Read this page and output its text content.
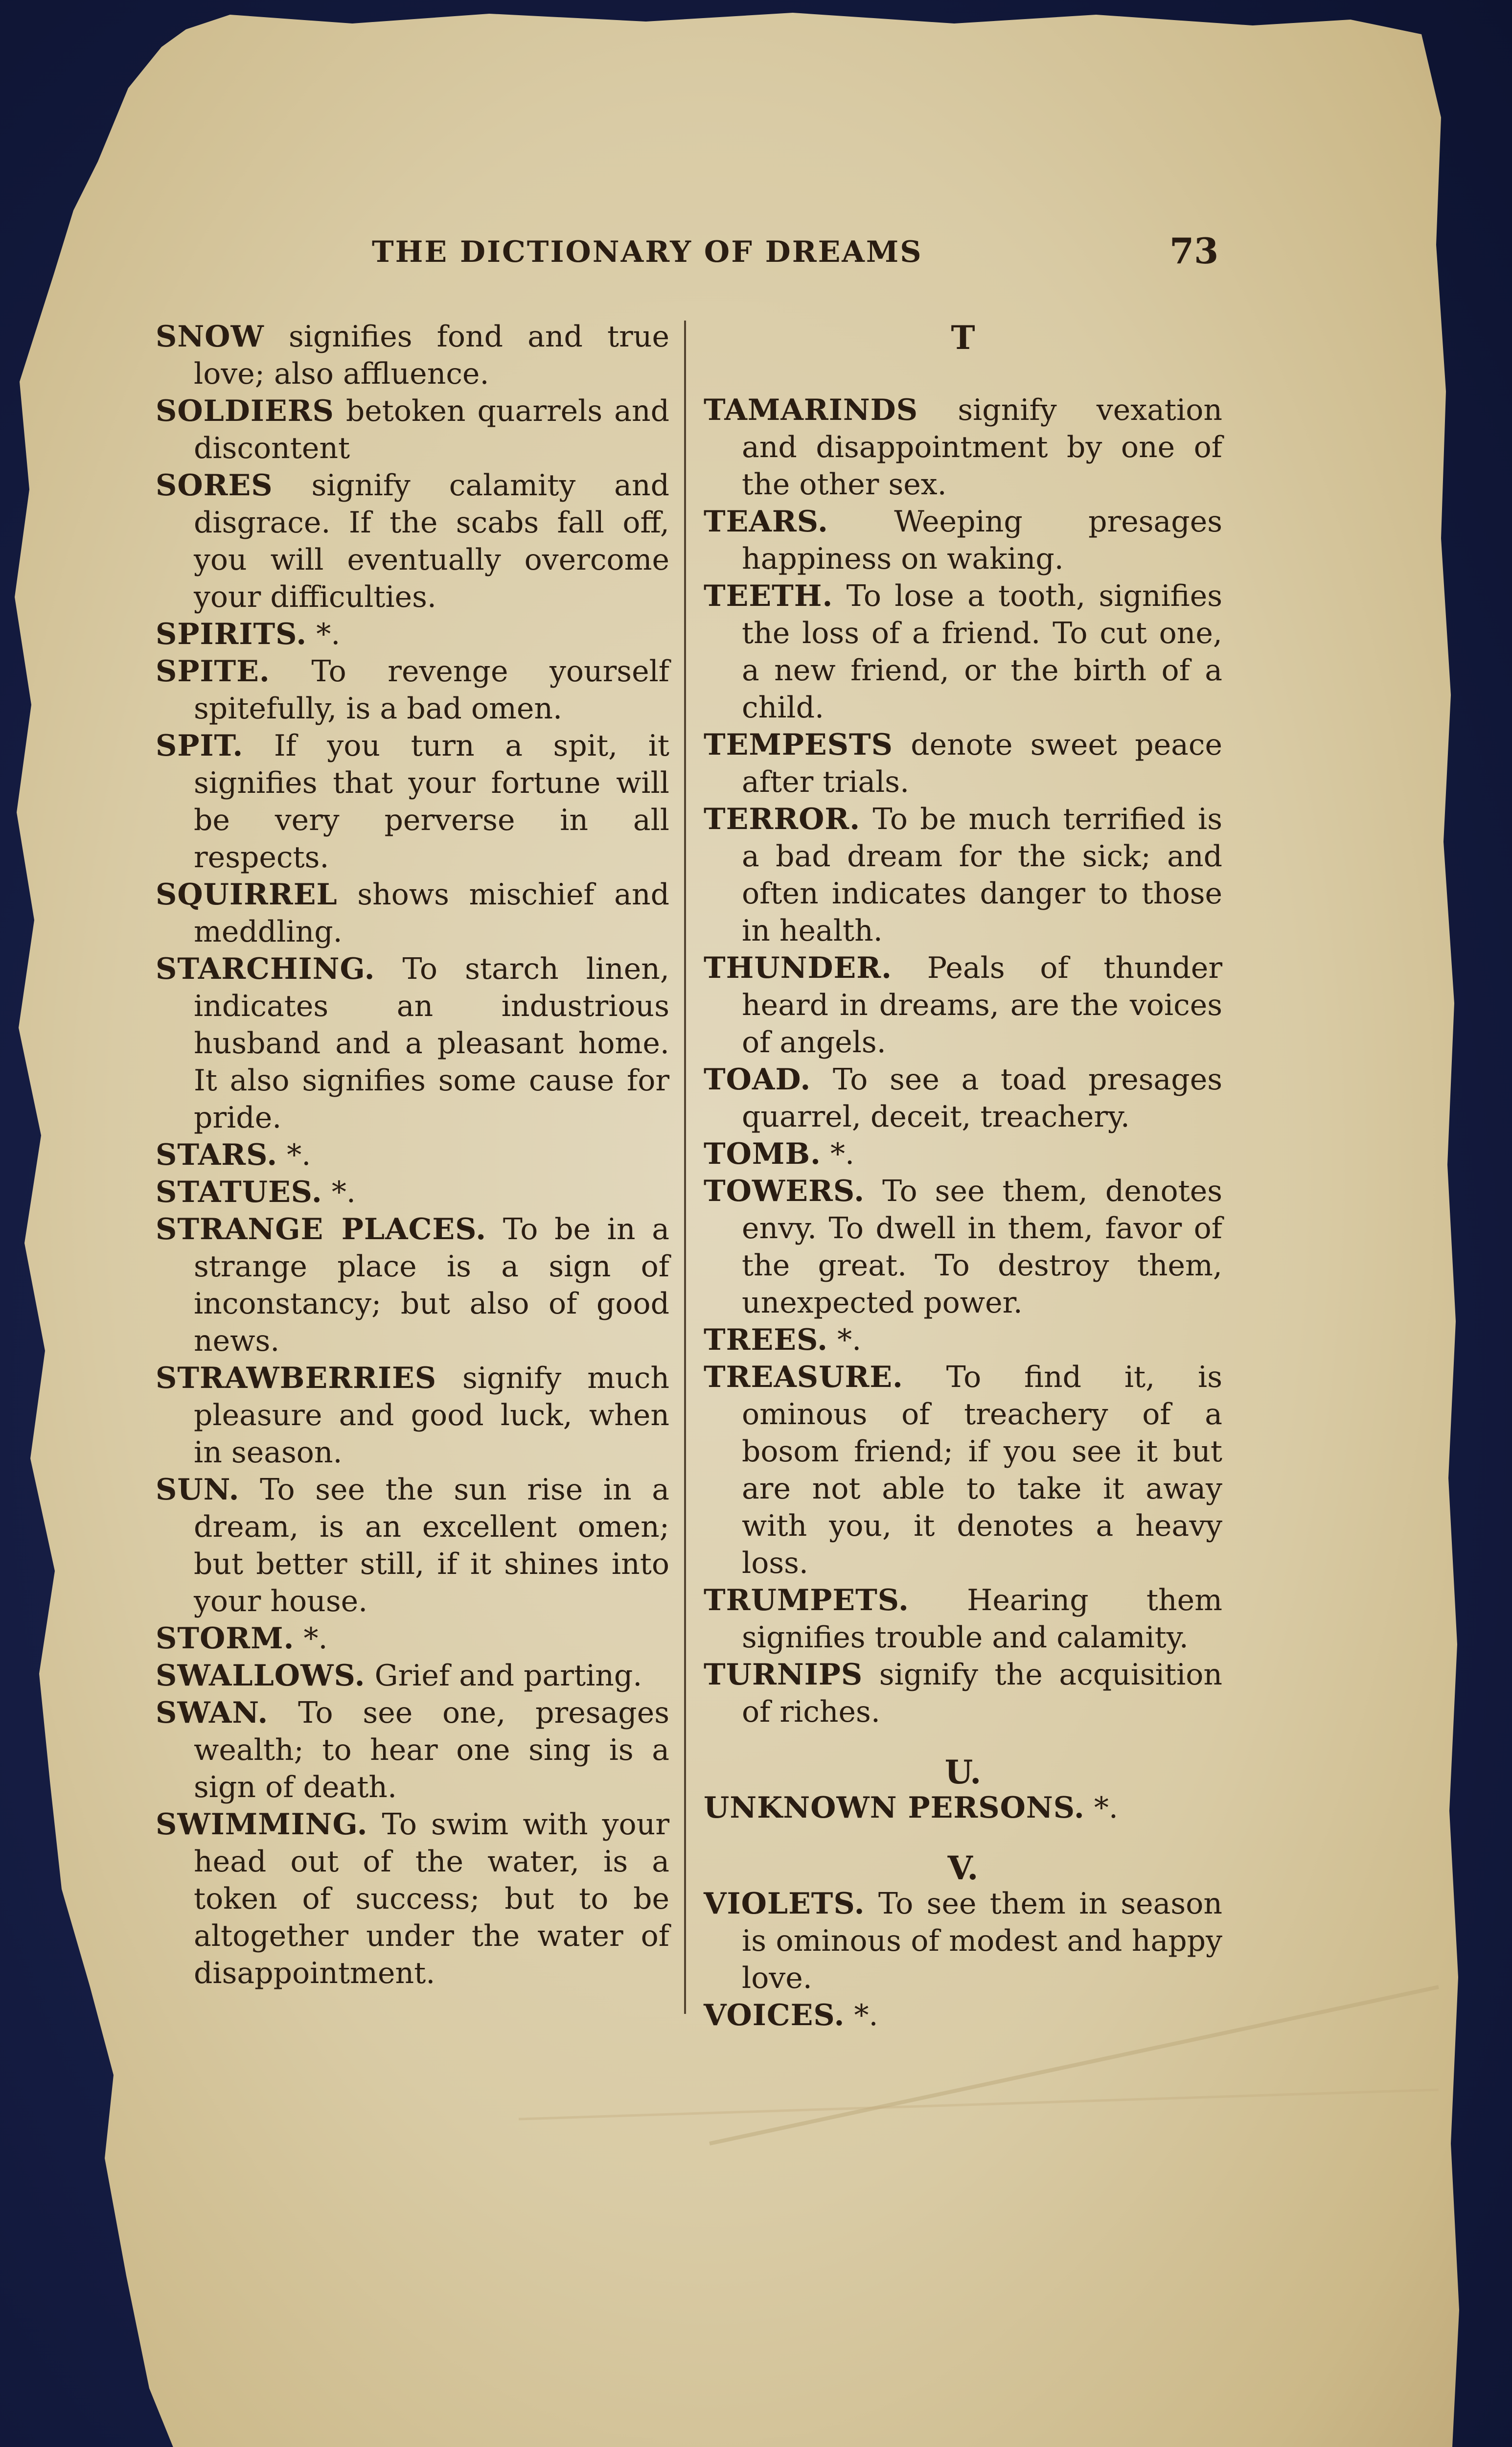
THE DICTIONARY OF DREAMS	73

SNOW signifies fond and true love; also affluence.

SOLDIERS betoken quarrels and discontent

SORES signify calamity and disgrace. If the scabs fall off, you will eventually overcome your difficulties.

SPIRITS. *.

SPITE. To revenge yourself spitefully, is a bad omen.

SPIT. If you turn a spit, it signifies that your fortune will be very perverse in all respects.

SQUIRREL shows mischief and meddling.

STARCHING. To starch linen, indicates an industrious husband and a pleasant home. It also signifies some cause for pride.

STARS. *.

STATUES. *.

STRANGE PLACES. To be in a strange place is a sign of inconstancy; but also of good news.

STRAWBERRIES signify much pleasure and good luck, when in season.

SUN. To see the sun rise in a dream, is an excellent omen; but better still, if it shines into your house.

STORM. *.

SWALLOWS. Grief and parting.

SWAN. To see one, presages wealth; to hear one sing is a sign of death.

SWIMMING. To swim with your head out of the water, is a token of success; but to be altogether under the water of disappointment.

T

TAMARINDS signify vexation and disappointment by one of the other sex.

TEARS. Weeping presages happiness on waking.

TEETH. To lose a tooth, signifies the loss of a friend. To cut one, a new friend, or the birth of a child.

TEMPESTS denote sweet peace after trials.

TERROR. To be much terrified is a bad dream for the sick; and often indicates danger to those in health.

THUNDER. Peals of thunder heard in dreams, are the voices of angels.

TOAD. To see a toad presages quarrel, deceit, treachery.

TOMB. *.

TOWERS. To see them, denotes envy. To dwell in them, favor of the great. To destroy them, unexpected power.

TREES. *.

TREASURE. To find it, is ominous of treachery of a bosom friend; if you see it but are not able to take it away with you, it denotes a heavy loss.

TRUMPETS. Hearing them signifies trouble and calamity.

TURNIPS signify the acquisition of riches.

U.

UNKNOWN PERSONS. *.

V.

VIOLETS. To see them in season is ominous of modest and happy love.

VOICES. *.
